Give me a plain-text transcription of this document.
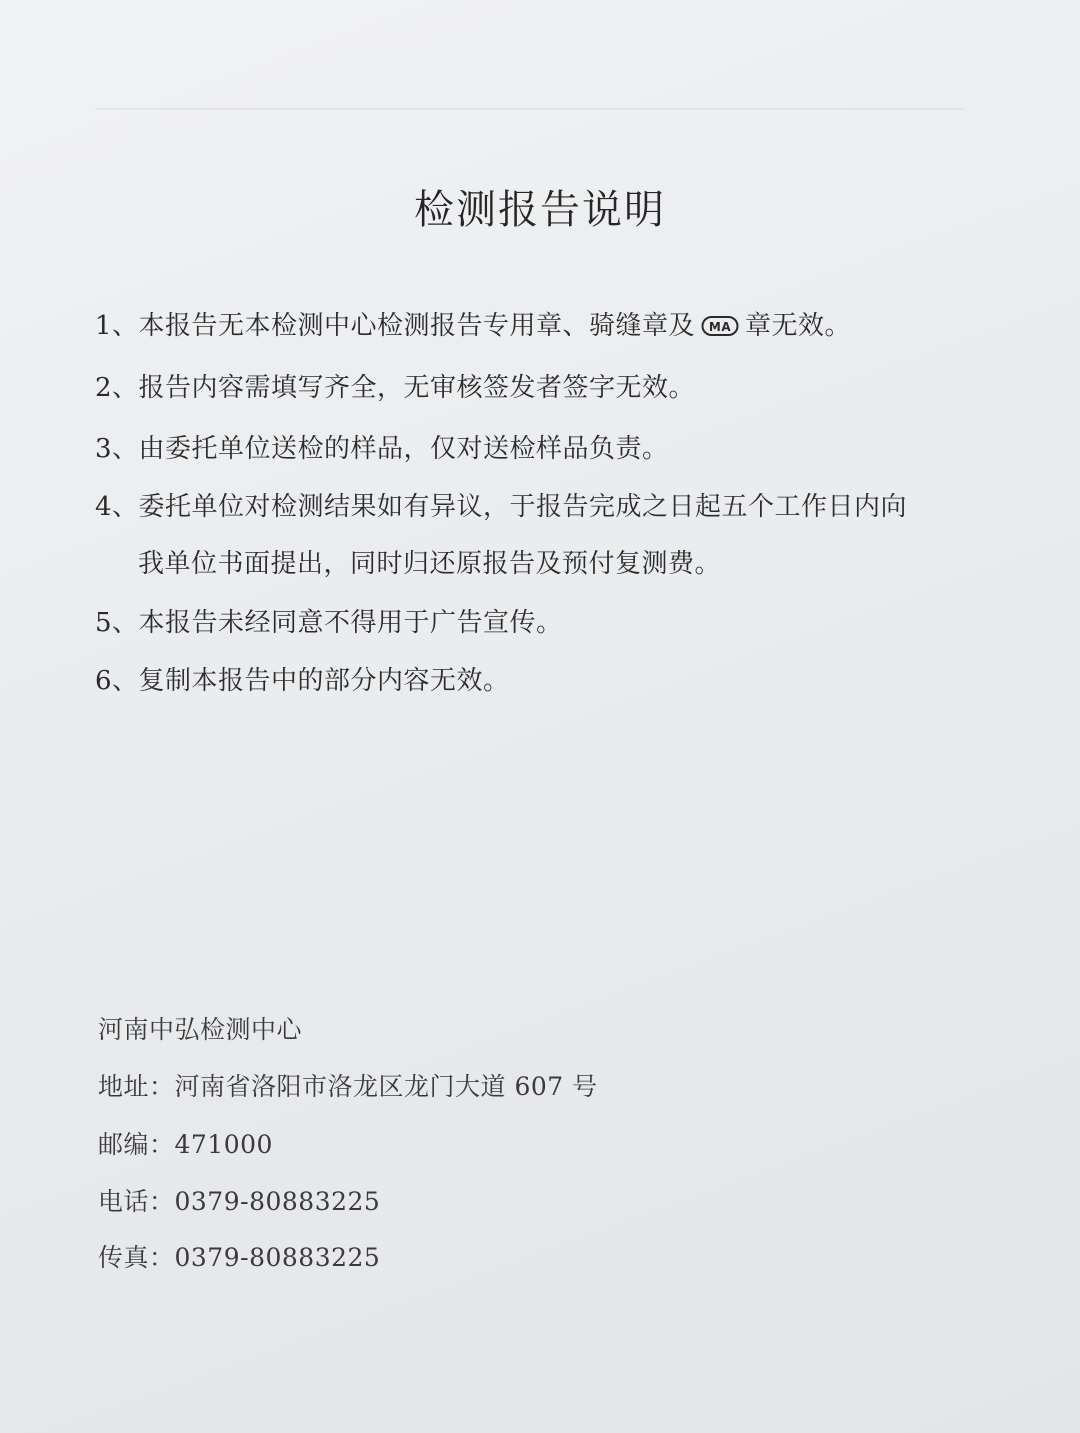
检测报告说明
1、本报告无本检测中心检测报告专用章、骑缝章及 MA 章无效。
2、报告内容需填写齐全，无审核签发者签字无效。
3、由委托单位送检的样品，仅对送检样品负责。
4、委托单位对检测结果如有异议，于报告完成之日起五个工作日内向
我单位书面提出，同时归还原报告及预付复测费。
5、本报告未经同意不得用于广告宣传。
6、复制本报告中的部分内容无效。
河南中弘检测中心
地址：河南省洛阳市洛龙区龙门大道 607 号
邮编：471000
电话：0379-80883225
传真：0379-80883225
